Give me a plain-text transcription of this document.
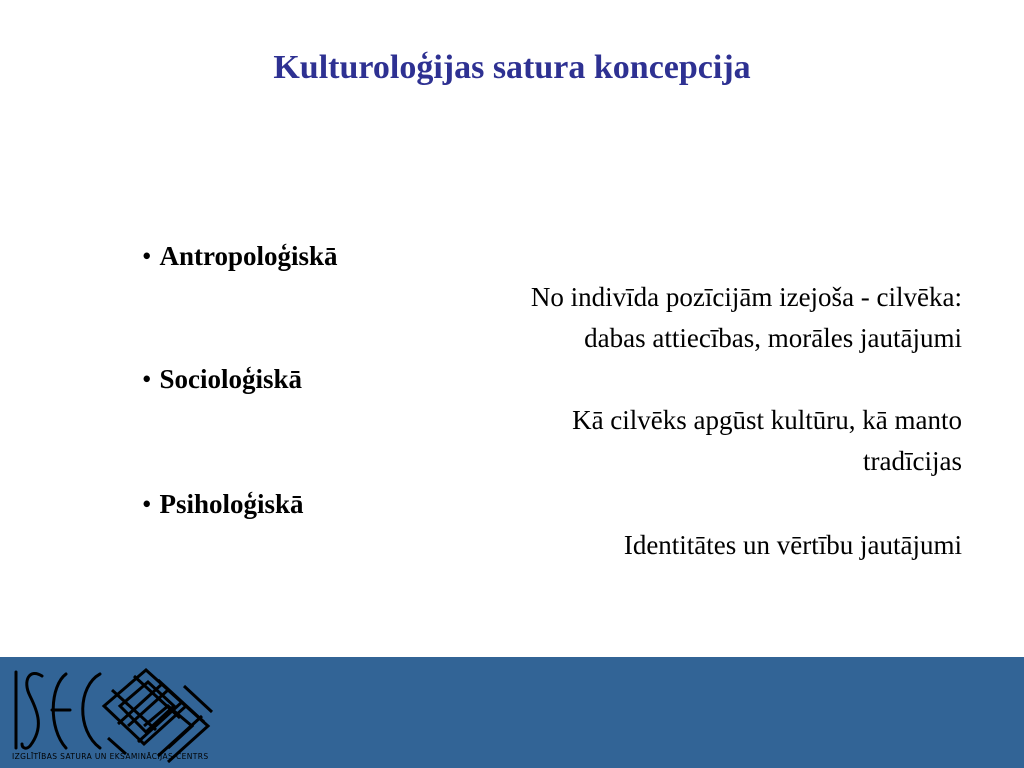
Kulturoloģijas satura koncepcija
• Antropoloģiskā
No indivīda pozīcijām izejoša - cilvēka:
dabas attiecības, morāles jautājumi
• Socioloģiskā
Kā cilvēks apgūst kultūru, kā manto
tradīcijas
• Psiholoģiskā
Identitātes un vērtību jautājumi
IZGLĪTĪBAS SATURA UN EKSAMINĀCIJAS CENTRS
